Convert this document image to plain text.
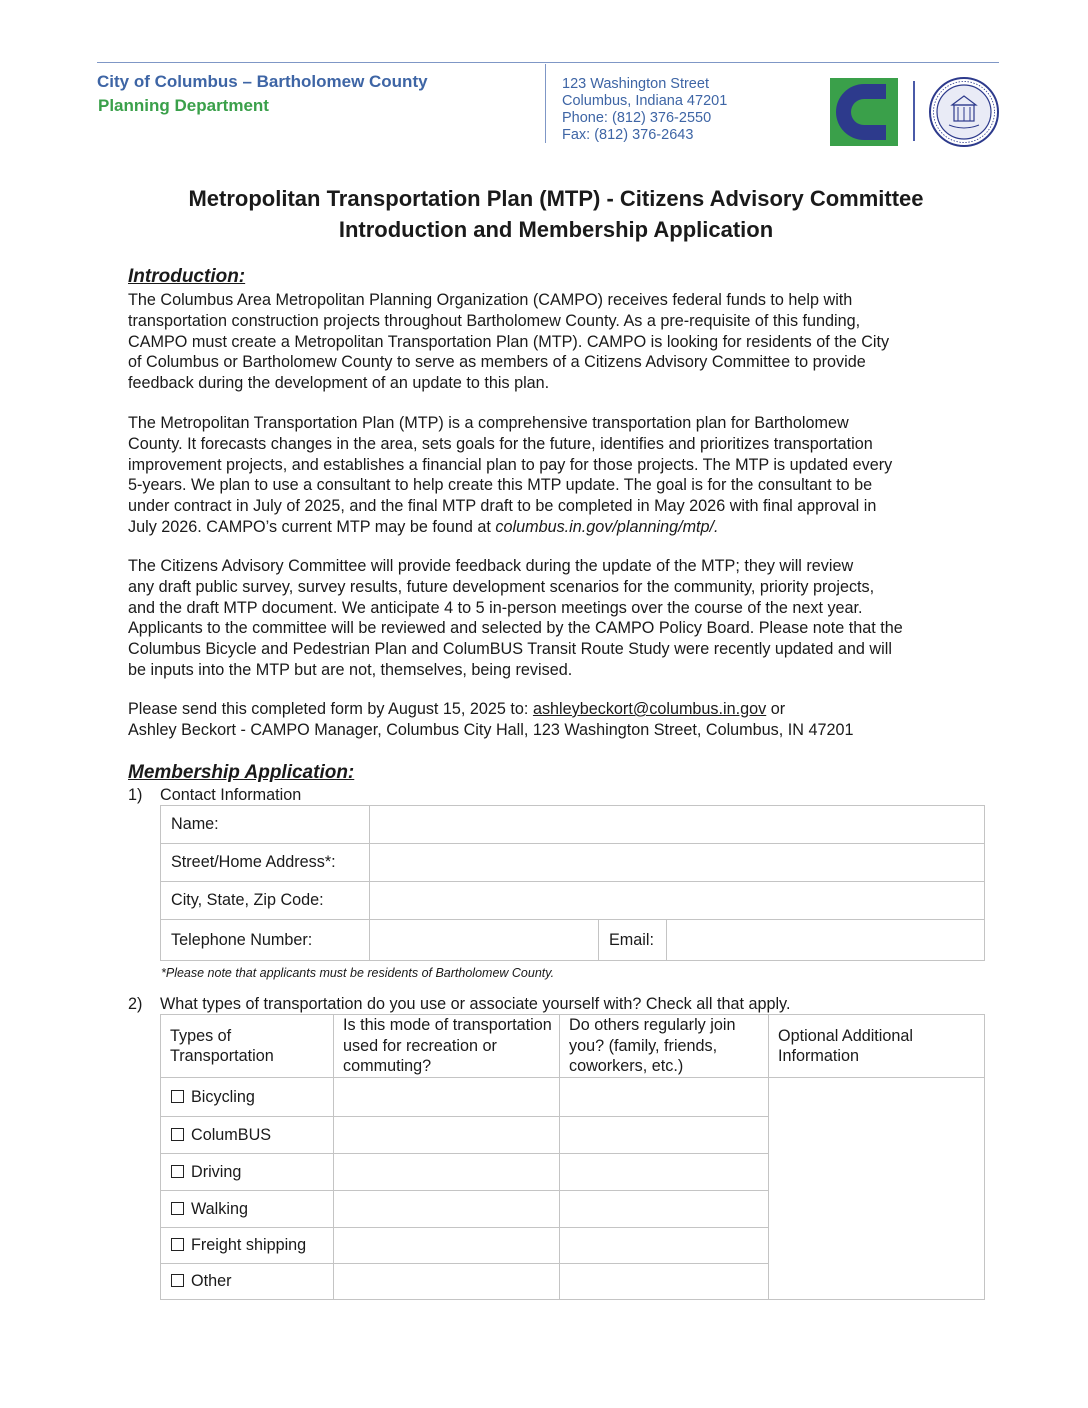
City of Columbus – Bartholomew County
Planning Department
123 Washington Street
Columbus, Indiana 47201
Phone: (812) 376-2550
Fax: (812) 376-2643
Metropolitan Transportation Plan (MTP) - Citizens Advisory Committee
Introduction and Membership Application
Introduction:
The Columbus Area Metropolitan Planning Organization (CAMPO) receives federal funds to help with
transportation construction projects throughout Bartholomew County. As a pre-requisite of this funding,
CAMPO must create a Metropolitan Transportation Plan (MTP). CAMPO is looking for residents of the City
of Columbus or Bartholomew County to serve as members of a Citizens Advisory Committee to provide
feedback during the development of an update to this plan.
The Metropolitan Transportation Plan (MTP) is a comprehensive transportation plan for Bartholomew
County. It forecasts changes in the area, sets goals for the future, identifies and prioritizes transportation
improvement projects, and establishes a financial plan to pay for those projects. The MTP is updated every
5-years. We plan to use a consultant to help create this MTP update. The goal is for the consultant to be
under contract in July of 2025, and the final MTP draft to be completed in May 2026 with final approval in
July 2026. CAMPO’s current MTP may be found at columbus.in.gov/planning/mtp/.
The Citizens Advisory Committee will provide feedback during the update of the MTP; they will review
any draft public survey, survey results, future development scenarios for the community, priority projects,
and the draft MTP document. We anticipate 4 to 5 in-person meetings over the course of the next year.
Applicants to the committee will be reviewed and selected by the CAMPO Policy Board. Please note that the
Columbus Bicycle and Pedestrian Plan and ColumBUS Transit Route Study were recently updated and will
be inputs into the MTP but are not, themselves, being revised.
Please send this completed form by August 15, 2025 to: ashleybeckort@columbus.in.gov or
Ashley Beckort - CAMPO Manager, Columbus City Hall, 123 Washington Street, Columbus, IN 47201
Membership Application:
1) Contact Information
Name:			
Street/Home Address*:			
City, State, Zip Code:			
Telephone Number:		Email:	
*Please note that applicants must be residents of Bartholomew County.
2) What types of transportation do you use or associate yourself with? Check all that apply.
Types of Transportation	Is this mode of transportation used for recreation or commuting?	Do others regularly join you? (family, friends, coworkers, etc.)	Optional Additional Information
Bicycling			
ColumBUS			
Driving			
Walking			
Freight shipping			
Other			
